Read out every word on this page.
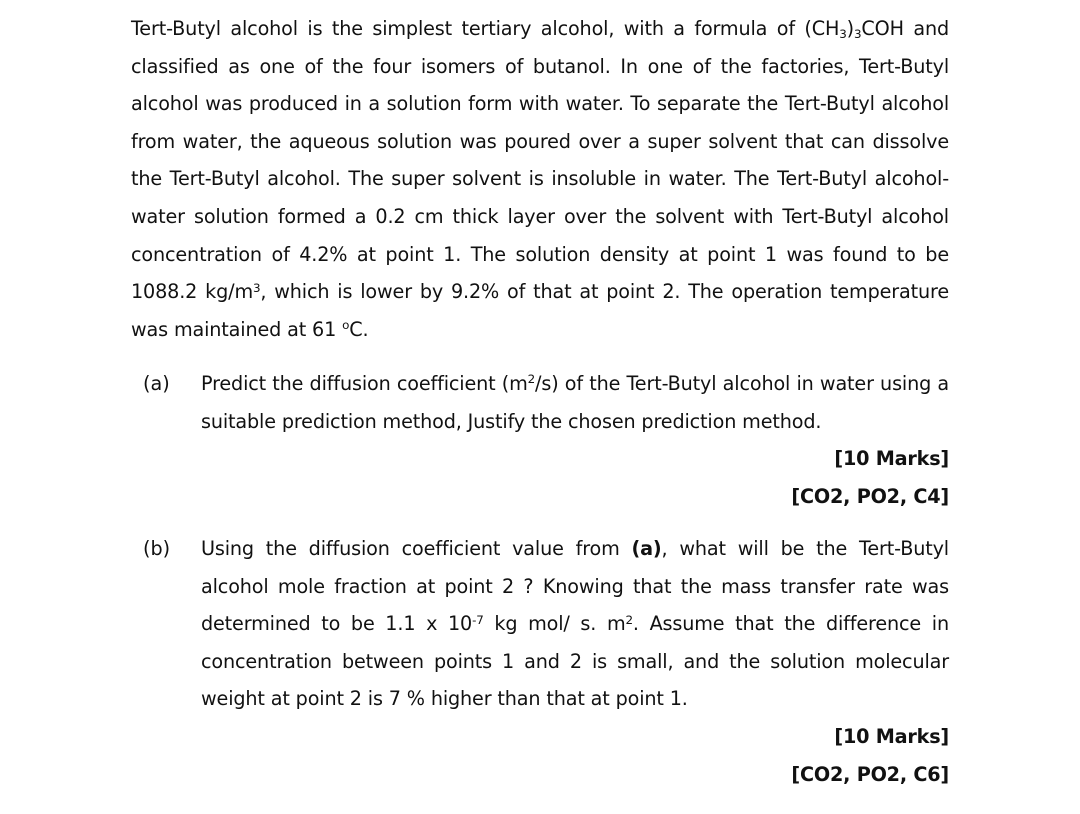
Tert-Butyl alcohol is the simplest tertiary alcohol, with a formula of $(CH_3)_3COH$ and classified as one of the four isomers of butanol. In one of the factories, Tert-Butyl alcohol was produced in a solution form with water. To separate the Tert-Butyl alcohol from water, the aqueous solution was poured over a super solvent that can dissolve the Tert-Butyl alcohol. The super solvent is insoluble in water. The Tert-Butyl alcohol-water solution formed a 0.2 cm thick layer over the solvent with Tert-Butyl alcohol concentration of 4.2% at point 1. The solution density at point 1 was found to be 1088.2 $kg/m^3$, which is lower by 9.2% of that at point 2. The operation temperature was maintained at 61 $^o$C.

(a) Predict the diffusion coefficient $(m^2/s)$ of the Tert-Butyl alcohol in water using a suitable prediction method, Justify the chosen prediction method.

[10 Marks]
[CO2, PO2, C4]
(b) Using the diffusion coefficient value from (a), what will be the Tert-Butyl alcohol mole fraction at point 2 ? Knowing that the mass transfer rate was determined to be 1.1 x $10^{-7}$ kg mol/ s. $m^2$. Assume that the difference in concentration between points 1 and 2 is small, and the solution molecular weight at point 2 is 7 % higher than that at point 1.

[10 Marks]
[CO2, PO2, C6]
